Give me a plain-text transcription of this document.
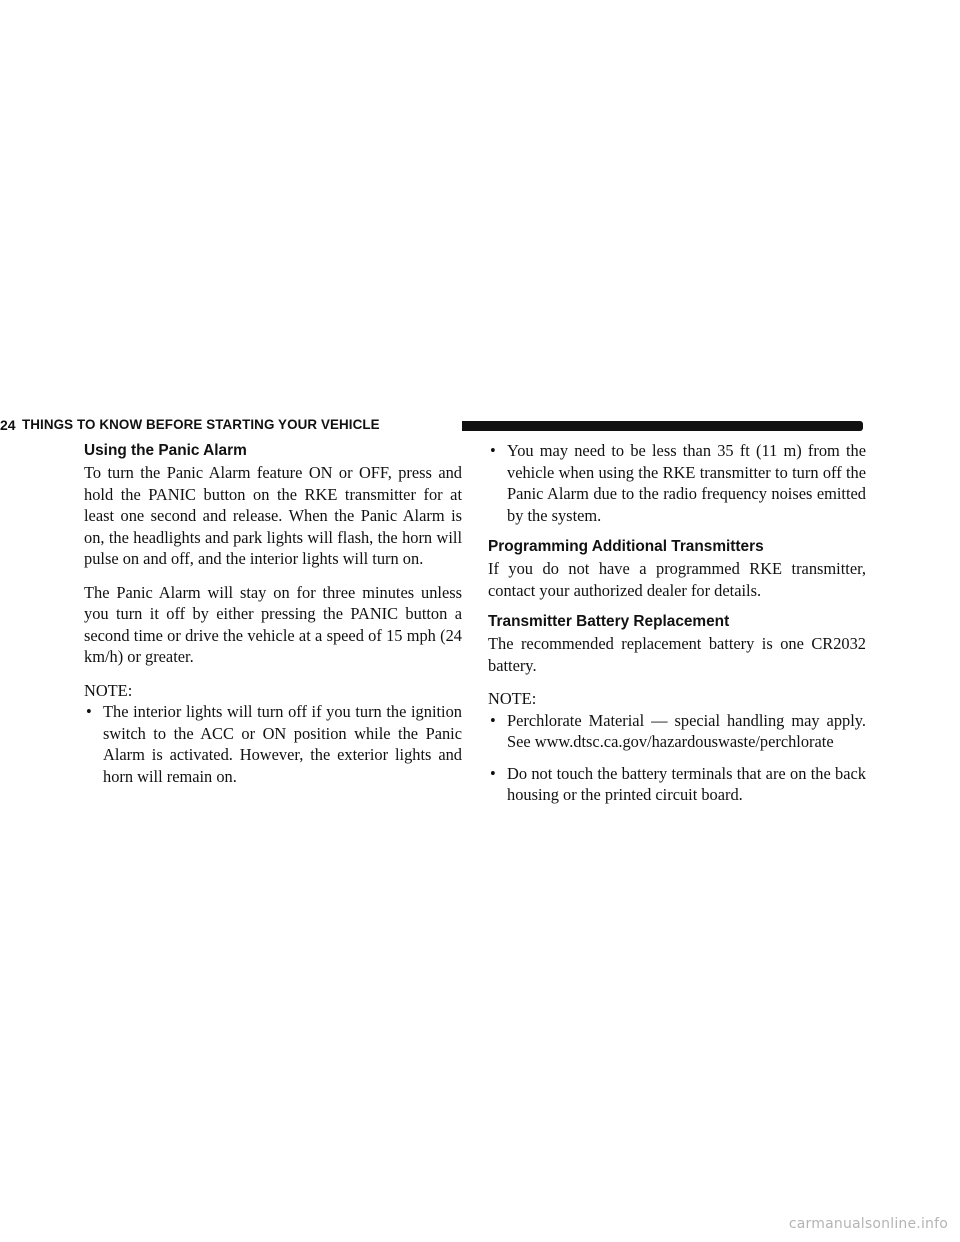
24 THINGS TO KNOW BEFORE STARTING YOUR VEHICLE
Using the Panic Alarm

To turn the Panic Alarm feature ON or OFF, press and hold the PANIC button on the RKE transmitter for at least one second and release. When the Panic Alarm is on, the headlights and park lights will flash, the horn will pulse on and off, and the interior lights will turn on.

The Panic Alarm will stay on for three minutes unless you turn it off by either pressing the PANIC button a second time or drive the vehicle at a speed of 15 mph (24 km/h) or greater.

NOTE:

• The interior lights will turn off if you turn the ignition switch to the ACC or ON position while the Panic Alarm is activated. However, the exterior lights and horn will remain on.
• You may need to be less than 35 ft (11 m) from the vehicle when using the RKE transmitter to turn off the Panic Alarm due to the radio frequency noises emitted by the system.
Programming Additional Transmitters

If you do not have a programmed RKE transmitter, contact your authorized dealer for details.

Transmitter Battery Replacement

The recommended replacement battery is one CR2032 battery.

NOTE:

• Perchlorate Material — special handling may apply. See www.dtsc.ca.gov/hazardouswaste/perchlorate
• Do not touch the battery terminals that are on the back housing or the printed circuit board.
carmanualsonline.info
